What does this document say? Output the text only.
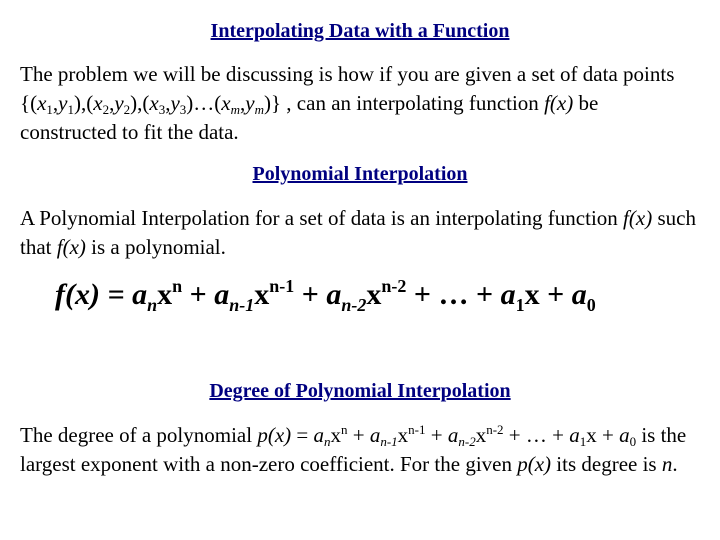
Interpolating Data with a Function
The problem we will be discussing is how if you are given a set of data points $\{(x_1,y_1),(x_2,y_2),(x_3,y_3)\dots(x_m,y_m)\}$ , can an interpolating function f(x) be constructed to fit the data.
Polynomial Interpolation
A Polynomial Interpolation for a set of data is an interpolating function f(x) such that f(x) is a polynomial.
$f(x) = a_nx^n + a_{n-1}x^{n-1} + a_{n-2}x^{n-2}$ + … + $a_1x + a_0$
Degree of Polynomial Interpolation
The degree of a polynomial $p(x) = a_nx^n + a_{n-1}x^{n-1} + a_{n-2}x^{n-2}$ + … + $a_1x + a_0$ is the largest exponent with a non-zero coefficient. For the given p(x) its degree is n.
